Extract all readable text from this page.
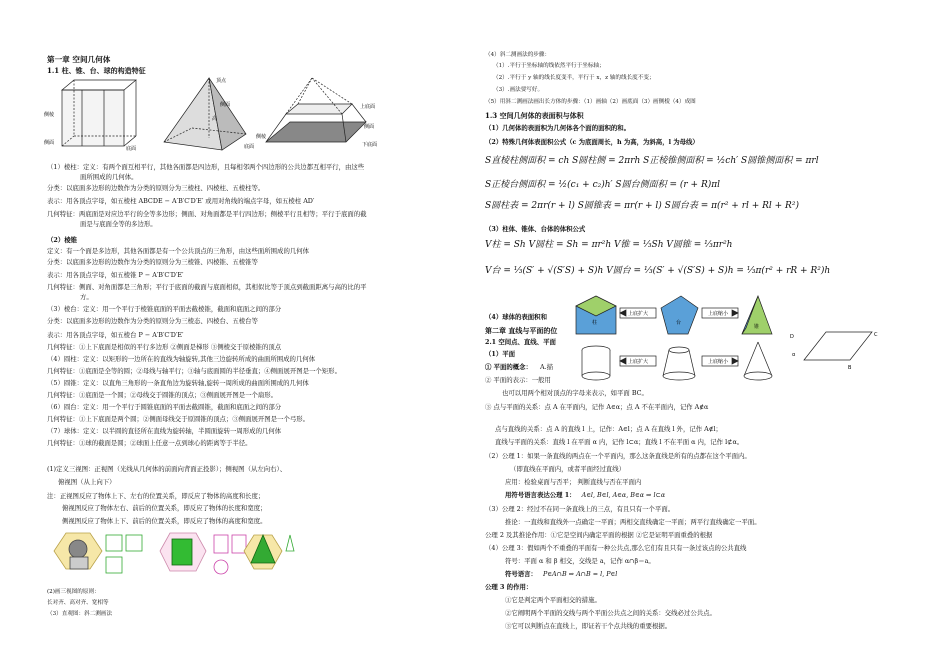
第一章 空间几何体
1.1 柱、锥、台、球的构造特征
侧棱
侧面
底面
顶点
侧面
高
底面
上底面
侧面
侧棱
下底面
（1）棱柱：定义：有两个面互相平行，其他各面都是四边形，且每相邻两个四边形的公共边都互相平行，由这些
面所围成的几何体。
分类：以底面多边形的边数作为分类的原则分为三棱柱、四棱柱、五棱柱等。
表示：用各顶点字母，如五棱柱 ABCDE − A′B′C′D′E′ 或用对角线的端点字母，如五棱柱 AD′
几何特征：两底面是对应边平行的全等多边形；侧面、对角面都是平行四边形；侧棱平行且相等；平行于底面的截
面是与底面全等的多边形。
（2）棱锥
定义：有一个面是多边形，其他各面都是有一个公共顶点的三角形，由这些面所围成的几何体
分类：以底面多边形的边数作为分类的原则分为三棱锥、四棱锥、五棱锥等
表示：用各顶点字母，如五棱锥 P − A′B′C′D′E′
几何特征：侧面、对角面都是三角形；平行于底面的截面与底面相似，其相似比等于顶点到截面距离与高的比的平
方。
（3）棱台：定义：用一个平行于棱锥底面的平面去截棱锥，截面和底面之间的部分
分类：以底面多边形的边数作为分类的原则分为三棱态、四棱台、五棱台等
表示：用各顶点字母，如五棱台 P − A′B′C′D′E′
几何特征：①上下底面是相似的平行多边形 ②侧面是梯形 ③侧棱交于原棱锥的顶点
（4）圆柱：定义：以矩形的一边所在的直线为轴旋转,其他三边旋转所成的曲面所围成的几何体
几何特征：①底面是全等的圆；②母线与轴平行；③轴与底面圆的半径垂直；④侧面展开图是一个矩形。
（5）圆锥：定义：以直角三角形的一条直角边为旋转轴,旋转一周所成的曲面所围成的几何体
几何特征：①底面是一个圆；②母线交于圆锥的顶点；③侧面展开图是一个扇形。
（6）圆台：定义：用一个平行于圆锥底面的平面去截圆锥，截面和底面之间的部分
几何特征：①上下底面是两个圆；②侧面母线交于原圆锥的顶点；③侧面展开图是一个弓形。
（7）球体：定义：以半圆的直径所在直线为旋转轴，半圆面旋转一周形成的几何体
几何特征：①球的截面是圆；②球面上任意一点到球心的距离等于半径。
(1)定义三视图：正视图（光线从几何体的前面向背面正投影）；侧视图（从左向右）、
俯视图（从上向下）
注：正视图反应了物体上下、左右的位置关系，即反应了物体的高度和长度；
俯视图反应了物体左右、前后的位置关系，即反应了物体的长度和宽度；
侧视图反应了物体上下、前后的位置关系，即反应了物体的高度和宽度。
(2)画三视图的原则：
长对齐、高对齐、宽相等
（3）直观图：斜二测画法
（4）斜二测画法的步骤：
（1）.平行于坐标轴的线依然平行于坐标轴；
（2）.平行于 y 轴的线长度变半，平行于 x，z 轴的线长度不变；
（3）.画法要写好。
（5）用斜二测画法画出长方体的步骤：（1）画轴（2）画底面（3）画侧棱（4）成图
1.3 空间几何体的表面积与体积
（1）几何体的表面积为几何体各个面的面积的和。
（2）特殊几何体表面积公式（c 为底面周长，h 为高，为斜高，l 为母线）
S直棱柱侧面积 = ch S圆柱侧 = 2πrh S正棱锥侧面积 = ½ch′ S圆锥侧面积 = πrl
S正棱台侧面积 = ½(c₁ + c₂)h′ S圆台侧面积 = (r + R)πl
S圆柱表 = 2πr(r + l) S圆锥表 = πr(r + l) S圆台表 = π(r² + rl + Rl + R²)
（3）柱体、锥体、台体的体积公式
V柱 = Sh V圆柱 = Sh = πr²h V锥 = ⅓Sh V圆锥 = ⅓πr²h
V台 = ⅓(S′ + √(S′S) + S)h V圆台 = ⅓(S′ + √(S′S) + S)h = ⅓π(r² + rR + R²)h
（4）球体的表面积和	上底扩大	上底缩小
上底扩大	上底缩小
柱	台
锥
第二章 直线与平面的位
2.1 空间点、直线、平面
（1）平面
① 平面的概念： A.描
② 平面的表示：一般用
D	C
B
α
也可以用两个相对顶点的字母来表示，如平面 BC。
③ 点与平面的关系：点 A 在平面内，记作 A∈α；点 A 不在平面内，记作 A∉α
点与直线的关系：点 A 的直线 l 上，记作：A∈l；点 A 在直线 l 外，记作 A∉l；
直线与平面的关系：直线 l 在平面 α 内，记作 l⊂α；直线 l 不在平面 α 内，记作 l⊄α。
（2）公理 1：如果一条直线的两点在一个平面内，那么这条直线是所有的点都在这个平面内。
（即直线在平面内，或者平面经过直线）
应用：检验桌面与否平； 判断直线与否在平面内
用符号语言表达公理 1： A∈l, B∈l, A∈α, B∈α ⇒ l⊂α
（3）公理 2：经过不在同一条直线上的三点，有且只有一个平面。
推论：一直线和直线外一点确定一平面；两相交直线确定一平面；两平行直线确定一平面。
公理 2 及其推论作用：①它是空间内确定平面的根据 ②它是证明平面重叠的根据
（4）公理 3：假如两个不重叠的平面有一种公共点,那么它们有且只有一条过该点的公共直线
符号：平面 α 和 β 相交，交线是 a，记作 α∩β＝a。
符号语言： P∈A∩B ⇒ A∩B = l, P∈l
公理 3 的作用：
①它是判定两个平面相交的措施。
②它阐明两个平面的交线与两个平面公共点之间的关系：交线必过公共点。
③它可以判断点在直线上，即证若干个点共线的重要根据。
